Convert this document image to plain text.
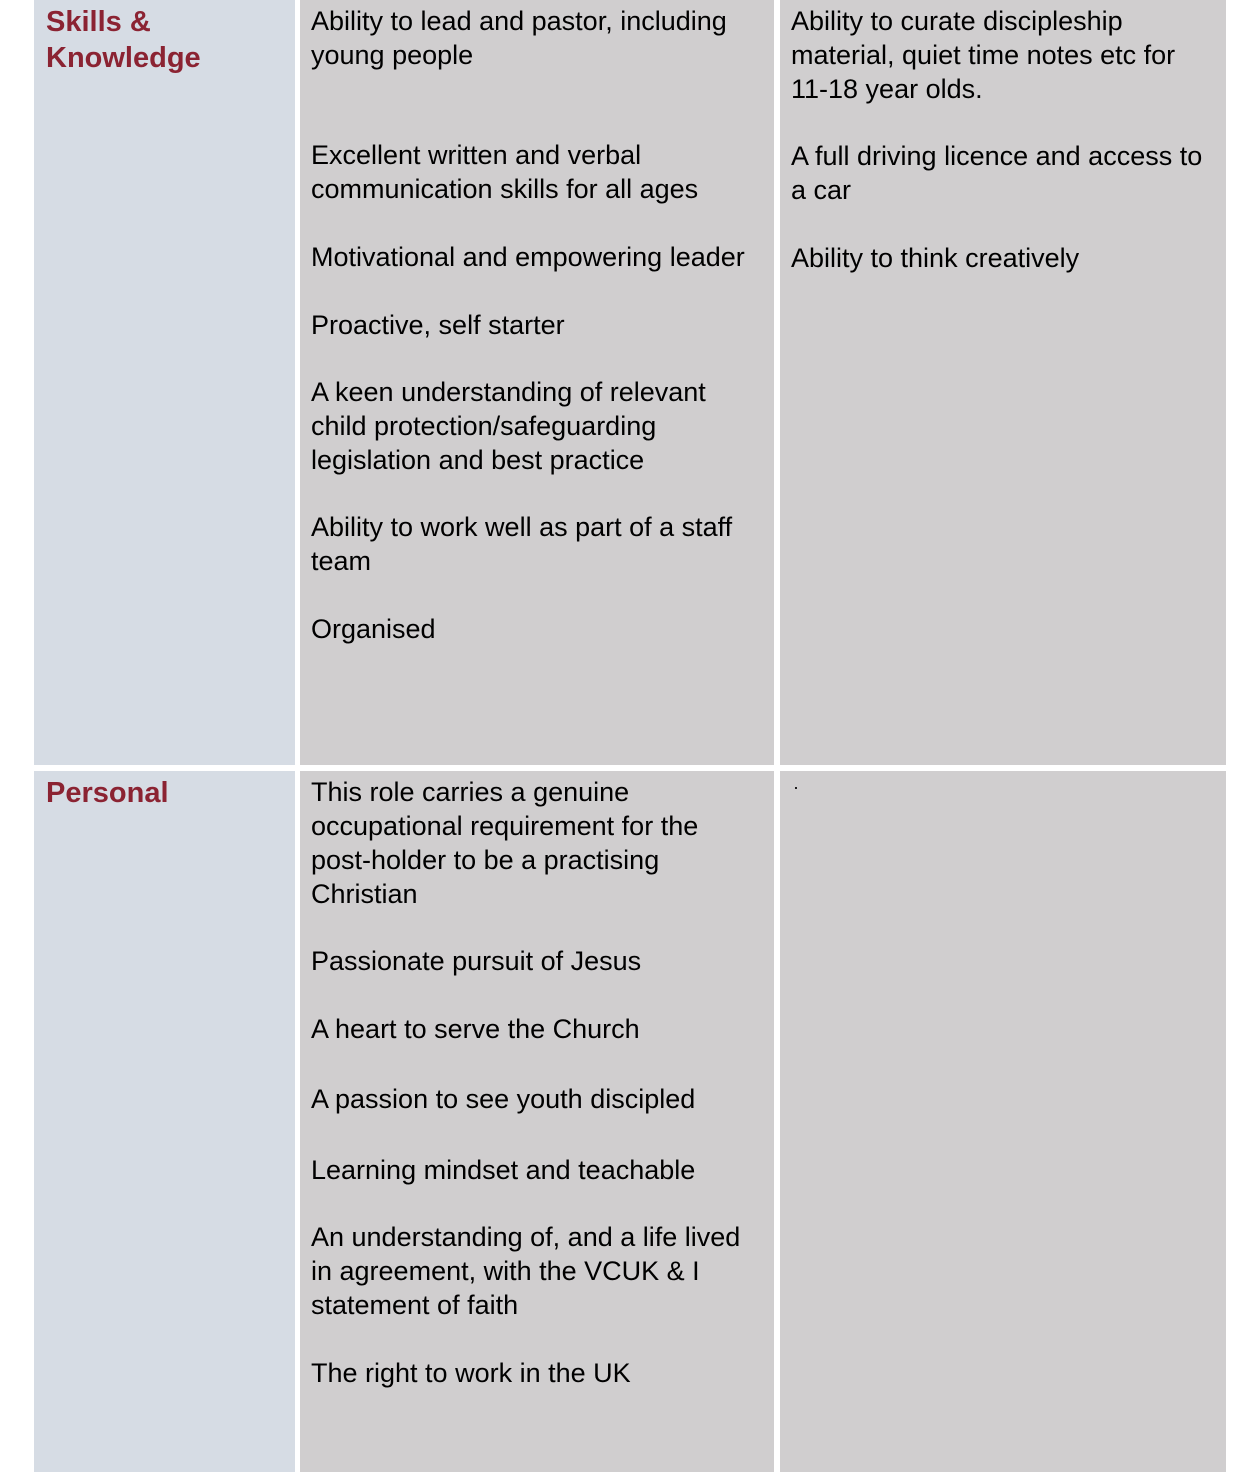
Skills & Knowledge

Ability to lead and pastor, including young people

Excellent written and verbal communication skills for all ages

Motivational and empowering leader

Proactive, self starter

A keen understanding of relevant child protection/safeguarding legislation and best practice

Ability to work well as part of a staff team

Organised

Ability to curate discipleship material, quiet time notes etc for 11-18 year olds.

A full driving licence and access to a car

Ability to think creatively

Personal	This role carries a genuine occupational requirement for the post-holder to be a practising Christian

Passionate pursuit of Jesus

A heart to serve the Church

A passion to see youth discipled

Learning mindset and teachable

An understanding of, and a life lived in agreement, with the VCUK & I statement of faith

The right to work in the UK

·
